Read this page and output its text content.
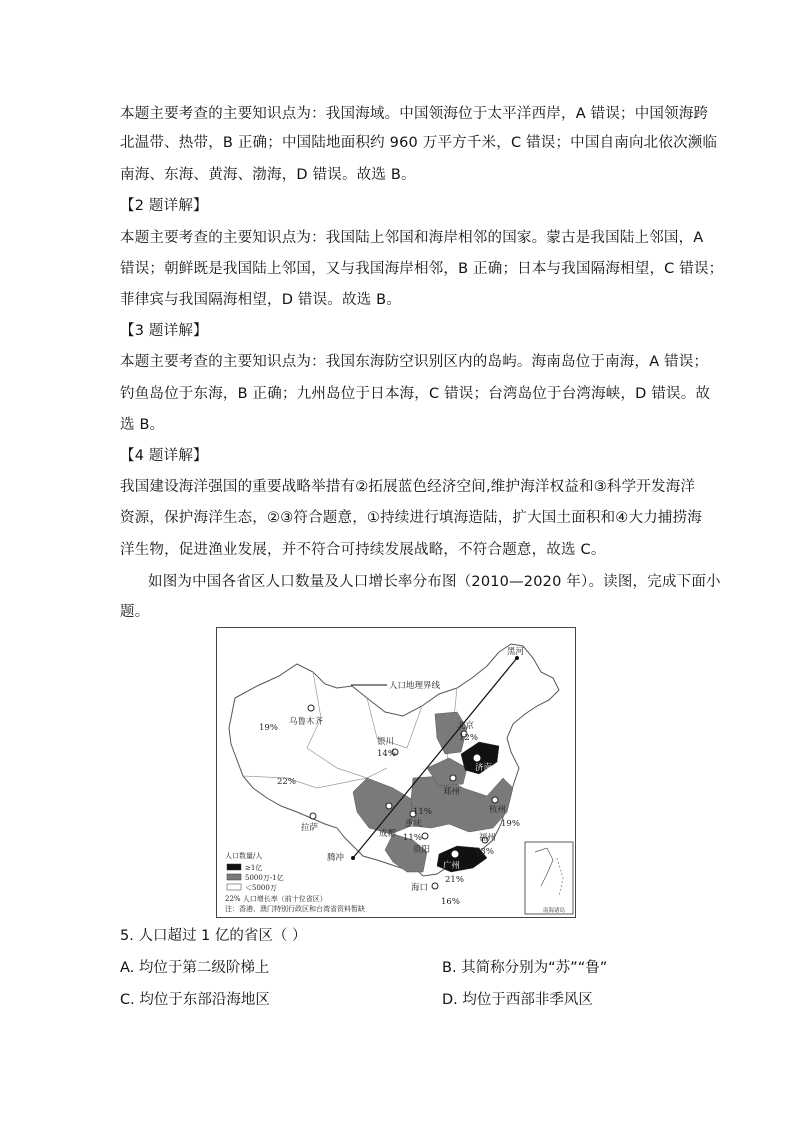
本题主要考查的主要知识点为：我国海域。中国领海位于太平洋西岸，A 错误；中国领海跨
北温带、热带，B 正确；中国陆地面积约 960 万平方千米，C 错误；中国自南向北依次濒临
南海、东海、黄海、渤海，D 错误。故选 B。
【2 题详解】
本题主要考查的主要知识点为：我国陆上邻国和海岸相邻的国家。蒙古是我国陆上邻国，A
错误；朝鲜既是我国陆上邻国，又与我国海岸相邻，B 正确；日本与我国隔海相望，C 错误；
菲律宾与我国隔海相望，D 错误。故选 B。
【3 题详解】
本题主要考查的主要知识点为：我国东海防空识别区内的岛屿。海南岛位于南海，A 错误；
钓鱼岛位于东海，B 正确；九州岛位于日本海，C 错误；台湾岛位于台湾海峡，D 错误。故
选 B。
【4 题详解】
我国建设海洋强国的重要战略举措有②拓展蓝色经济空间,维护海洋权益和③科学开发海洋
资源，保护海洋生态，②③符合题意，①持续进行填海造陆，扩大国土面积和④大力捕捞海
洋生物，促进渔业发展，并不符合可持续发展战略，不符合题意，故选 C。
如图为中国各省区人口数量及人口增长率分布图（2010—2020 年）。读图，完成下面小
题。
人口地理界线
黑河
乌鲁木齐
银川
北京
济南
郑州
拉萨
成都
重庆
杭州
贵阳
福州
广州
海口
腾冲
19%
22%
14%
12%
11%
11%
19%
13%
21%
16%
人口数量/人
≥1亿
5000万-1亿
＜5000万
22% 人口增长率（前十位省区）
注：香港、澳门特别行政区和台湾省资料暂缺	南海诸岛
5. 人口超过 1 亿的省区（ ）
A. 均位于第二级阶梯上	B. 其简称分别为“苏”“鲁”
C. 均位于东部沿海地区	D. 均位于西部非季风区
